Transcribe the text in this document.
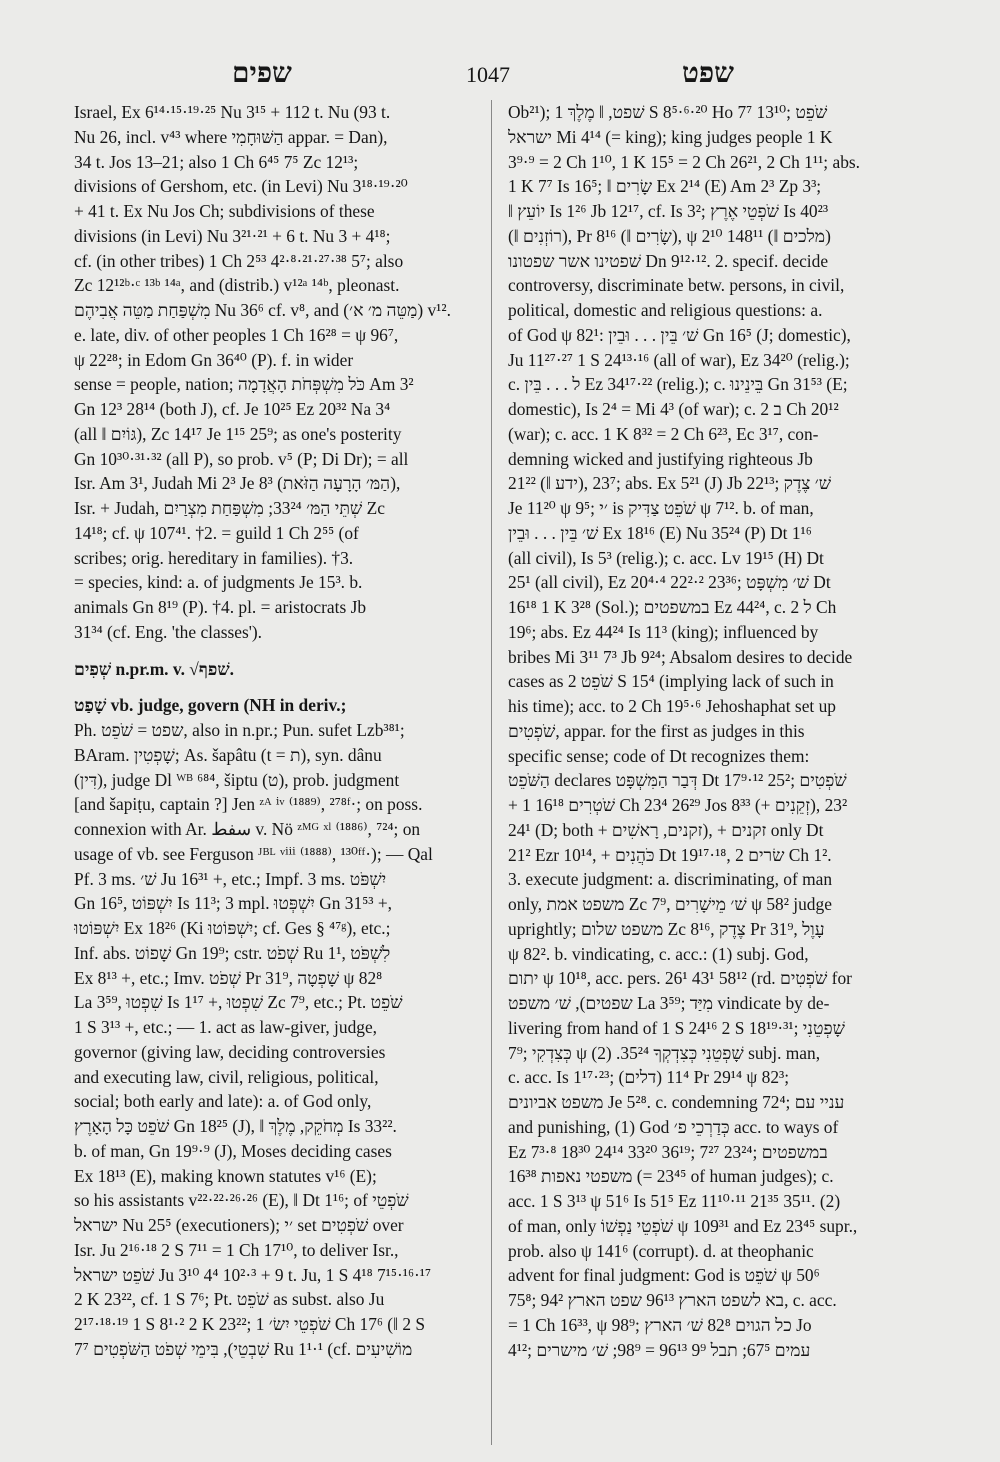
שפים	1047	שפט
Israel, Ex 6¹⁴·¹⁵·¹⁹·²⁵ Nu 3¹⁵ + 112 t. Nu (93 t.
Nu 26, incl. v⁴³ where הַשּׁוּחָמִי appar. = Dan),
34 t. Jos 13–21; also 1 Ch 6⁴⁵ 7⁵ Zc 12¹³;
divisions of Gershom, etc. (in Levi) Nu 3¹⁸·¹⁹·²⁰
+ 41 t. Ex Nu Jos Ch; subdivisions of these
divisions (in Levi) Nu 3²¹·²¹ + 6 t. Nu 3 + 4¹⁸;
cf. (in other tribes) 1 Ch 2⁵³ 4²·⁸·²¹·²⁷·³⁸ 5⁷; also
Zc 12¹²ᵇ·ᶜ ¹³ᵇ ¹⁴ᵃ, and (distrib.) v¹²ᵃ ¹⁴ᵇ, pleonast.
מִשְׁפַּחַת מַטֵּה אֲבִיהֶם Nu 36⁶ cf. v⁸, and (מַטֵּה מ׳ א׳) v¹².
e. late, div. of other peoples 1 Ch 16²⁸ = ψ 96⁷,
ψ 22²⁸; in Edom Gn 36⁴⁰ (P). f. in wider
sense = people, nation; כֹּל מִשְׁפְּחֹת הָאֲדָמָה Am 3²
Gn 12³ 28¹⁴ (both J), cf. Je 10²⁵ Ez 20³² Na 3⁴
(all ‖ גּוֹיִם), Zc 14¹⁷ Je 1¹⁵ 25⁹; as one's posterity
Gn 10³⁰·³¹·³² (all P), so prob. v⁵ (P; Di Dr); = all
Isr. Am 3¹, Judah Mi 2³ Je 8³ (הַמּ׳ הָרָעָה הַזֹּאת),
Isr. + Judah, שְׁתֵּי הַמּ׳ 33²⁴; מִשְׁפַּחַת מִצְרַיִם Zc
14¹⁸; cf. ψ 107⁴¹. †2. = guild 1 Ch 2⁵⁵ (of
scribes; orig. hereditary in families). †3.
= species, kind: a. of judgments Je 15³. b.
animals Gn 8¹⁹ (P). †4. pl. = aristocrats Jb
31³⁴ (cf. Eng. 'the classes').
שְׁפִים n.pr.m. v. √שׁפף.
שָׁפַט vb. judge, govern (NH in deriv.;
Ph. שפט = שֹׁפֵט, also in n.pr.; Pun. sufet Lzb³⁸¹;
BAram. שָׁפְטִין; As. šapâtu (t = ת), syn. dânu
(דִּין), judge Dl ᵂᴮ ⁶⁸⁴, šiptu (ט), prob. judgment
[and šapiṭu, captain ?] Jen ᶻᴬ ⁱᵛ ⁽¹⁸⁸⁹⁾, ²⁷⁸ᶠ·; on poss.
connexion with Ar. سفط v. Nö ᶻᴹᴳ ˣˡ ⁽¹⁸⁸⁶⁾, ⁷²⁴; on
usage of vb. see Ferguson ᴶᴮᴸ ᵛⁱⁱⁱ ⁽¹⁸⁸⁸⁾, ¹³⁰ᶠᶠ·); — Qal
Pf. 3 ms. שׁ׳ Ju 16³¹ +, etc.; Impf. 3 ms. יִשְׁפֹּט
Gn 16⁵, יִשְׁפּוֹט Is 11³; 3 mpl. יִשְׁפְּטוּ Gn 31⁵³ +,
יִשְׁפּוֹטוּ Ex 18²⁶ (Ki יִשְׁפּוֹטוּ; cf. Ges § ⁴⁷ᵍ), etc.;
Inf. abs. שָׁפוֹט Gn 19⁹; cstr. שְׁפֹט Ru 1¹, לִשְׁפֹּט
Ex 8¹³ +, etc.; Imv. שְׁפֹט Pr 31⁹, שָׁפְטָה ψ 82⁸
La 3⁵⁹, שִׁפְטוּ Is 1¹⁷ +, שִׁפְטוּ Zc 7⁹, etc.; Pt. שֹׁפֵט
1 S 3¹³ +, etc.; — 1. act as law-giver, judge,
governor (giving law, deciding controversies
and executing law, civil, religious, political,
social; both early and late): a. of God only,
שֹׁפֵט כָּל הָאָרֶץ Gn 18²⁵ (J), ‖ מְחֹקֵק, מֶלֶךְ Is 33²².
b. of man, Gn 19⁹·⁹ (J), Moses deciding cases
Ex 18¹³ (E), making known statutes v¹⁶ (E);
so his assistants v²²·²²·²⁶·²⁶ (E), ‖ Dt 1¹⁶; of שֹׁפְטֵי
ישראל Nu 25⁵ (executioners); ׳י set שֹׁפְטִים over
Isr. Ju 2¹⁶·¹⁸ 2 S 7¹¹ = 1 Ch 17¹⁰, to deliver Isr.,
שֹׁפֵט ישראל Ju 3¹⁰ 4⁴ 10²·³ + 9 t. Ju, 1 S 4¹⁸ 7¹⁵·¹⁶·¹⁷
2 K 23²², cf. 1 S 7⁶; Pt. שֹׁפֵט as subst. also Ju
2¹⁷·¹⁸·¹⁹ 1 S 8¹·² 2 K 23²²; שֹׁפְטֵי יִשׂ׳ 1 Ch 17⁶ (‖ 2 S
7⁷ שִׁבְטֵי), בִּימֵי שְׁפֹט הַשֹּׁפְטִים Ru 1¹·¹ (cf. מוֹשִׁיעִים
Ob²¹); שׁפט, ‖ מֶלֶךְ 1 S 8⁵·⁶·²⁰ Ho 7⁷ 13¹⁰; שֹׁפֵט
ישראל Mi 4¹⁴ (= king); king judges people 1 K
3⁹·⁹ = 2 Ch 1¹⁰, 1 K 15⁵ = 2 Ch 26²¹, 2 Ch 1¹¹; abs.
1 K 7⁷ Is 16⁵; ‖ שָׂרִים Ex 2¹⁴ (E) Am 2³ Zp 3³;
‖ יוֹעֵץ Is 1²⁶ Jb 12¹⁷, cf. Is 3²; שֹׁפְטֵי אֶרֶץ Is 40²³
(‖ רוֹזְנִים), Pr 8¹⁶ (‖ שָׂרִים), ψ 2¹⁰ 148¹¹ (‖ מלכים)
שׁפטינו אשר שפטונו Dn 9¹²·¹². 2. specif. decide
controversy, discriminate betw. persons, in civil,
political, domestic and religious questions: a.
of God ψ 82¹: שׁ׳ בֵּין . . . וּבֵין Gn 16⁵ (J; domestic),
Ju 11²⁷·²⁷ 1 S 24¹³·¹⁶ (all of war), Ez 34²⁰ (relig.);
c. ל . . . בֵּין Ez 34¹⁷·²² (relig.); c. בֵּינֵינוּ Gn 31⁵³ (E;
domestic), Is 2⁴ = Mi 4³ (of war); c. ב 2 Ch 20¹²
(war); c. acc. 1 K 8³² = 2 Ch 6²³, Ec 3¹⁷, con-
demning wicked and justifying righteous Jb
21²² (‖ ידע), 23⁷; abs. Ex 5²¹ (J) Jb 22¹³; שׁ׳ צֶדֶק
Je 11²⁰ ψ 9⁵; ׳י is שֹׁפֵט צַדִּיק ψ 7¹². b. of man,
שׁ׳ בֵּין . . . וּבֵין Ex 18¹⁶ (E) Nu 35²⁴ (P) Dt 1¹⁶
(all civil), Is 5³ (relig.); c. acc. Lv 19¹⁵ (H) Dt
25¹ (all civil), Ez 20⁴·⁴ 22²·² 23³⁶; שׁ׳ מִשְׁפָּט Dt
16¹⁸ 1 K 3²⁸ (Sol.); במשפטים Ez 44²⁴, c. ל 2 Ch
19⁶; abs. Ez 44²⁴ Is 11³ (king); influenced by
bribes Mi 3¹¹ 7³ Jb 9²⁴; Absalom desires to decide
cases as שֹׁפֵט 2 S 15⁴ (implying lack of such in
his time); acc. to 2 Ch 19⁵·⁶ Jehoshaphat set up
שֹׁפְטִים, appar. for the first as judges in this
specific sense; code of Dt recognizes them:
הַשֹּׁפֵט declares דְּבַר הַמִּשְׁפָּט Dt 17⁹·¹² 25²; שֹׁפְטִים
+ שֹׁטְרִים 16¹⁸ 1 Ch 23⁴ 26²⁹ Jos 8³³ (+ זְקֵנִים), 23²
24¹ (D; both + זקנים, רָאשִׁים), + זקנים only Dt
21² Ezr 10¹⁴, + כֹּהֲנִים Dt 19¹⁷·¹⁸, שׂרים 2 Ch 1².
3. execute judgment: a. discriminating, of man
only, משפט אמת Zc 7⁹, שׁ׳ מֵישָׁרִים ψ 58² judge
uprightly; משפט שלום Zc 8¹⁶, צֶדֶק Pr 31⁹, עָוֶל
ψ 82². b. vindicating, c. acc.: (1) subj. God,
יתום ψ 10¹⁸, acc. pers. 26¹ 43¹ 58¹² (rd. שֹׁפְטִים for
שפטים), שׁ׳ משפט La 3⁵⁹; מִיַּד vindicate by de-
livering from hand of 1 S 24¹⁶ 2 S 18¹⁹·³¹; שָׁפְטֵנִי
7⁹; כְּצִדְקִי ψ שָׁפְטֵנִי כְּצִדְקְךָ 35²⁴. (2) subj. man,
c. acc. Is 1¹⁷·²³; (דלים) 11⁴ Pr 29¹⁴ ψ 82³;
משפט אביונים Je 5²⁸. c. condemning 72⁴; עניי עם
and punishing, (1) God כְּדַרְכֵי פ׳ acc. to ways of
Ez 7³·⁸ 18³⁰ 24¹⁴ 33²⁰ 36¹⁹; 7²⁷ 23²⁴; במשפטים
משפטי נאפות 16³⁸ (= 23⁴⁵ of human judges); c.
acc. 1 S 3¹³ ψ 51⁶ Is 51⁵ Ez 11¹⁰·¹¹ 21³⁵ 35¹¹. (2)
of man, only שֹׁפְטֵי נַפְשׁוֹ ψ 109³¹ and Ez 23⁴⁵ supr.,
prob. also ψ 141⁶ (corrupt). d. at theophanic
advent for final judgment: God is שֹׁפֵט ψ 50⁶
75⁸; בא לשפט הארץ 96¹³ שפט הארץ 94², c. acc.
= 1 Ch 16³³, ψ 98⁹; כל הגוים 82⁸ שׁ׳ הארץ Jo
4¹²; עמים 67⁵; תבל 9⁹ 96¹³ = 98⁹; שׁ׳ מישרים
